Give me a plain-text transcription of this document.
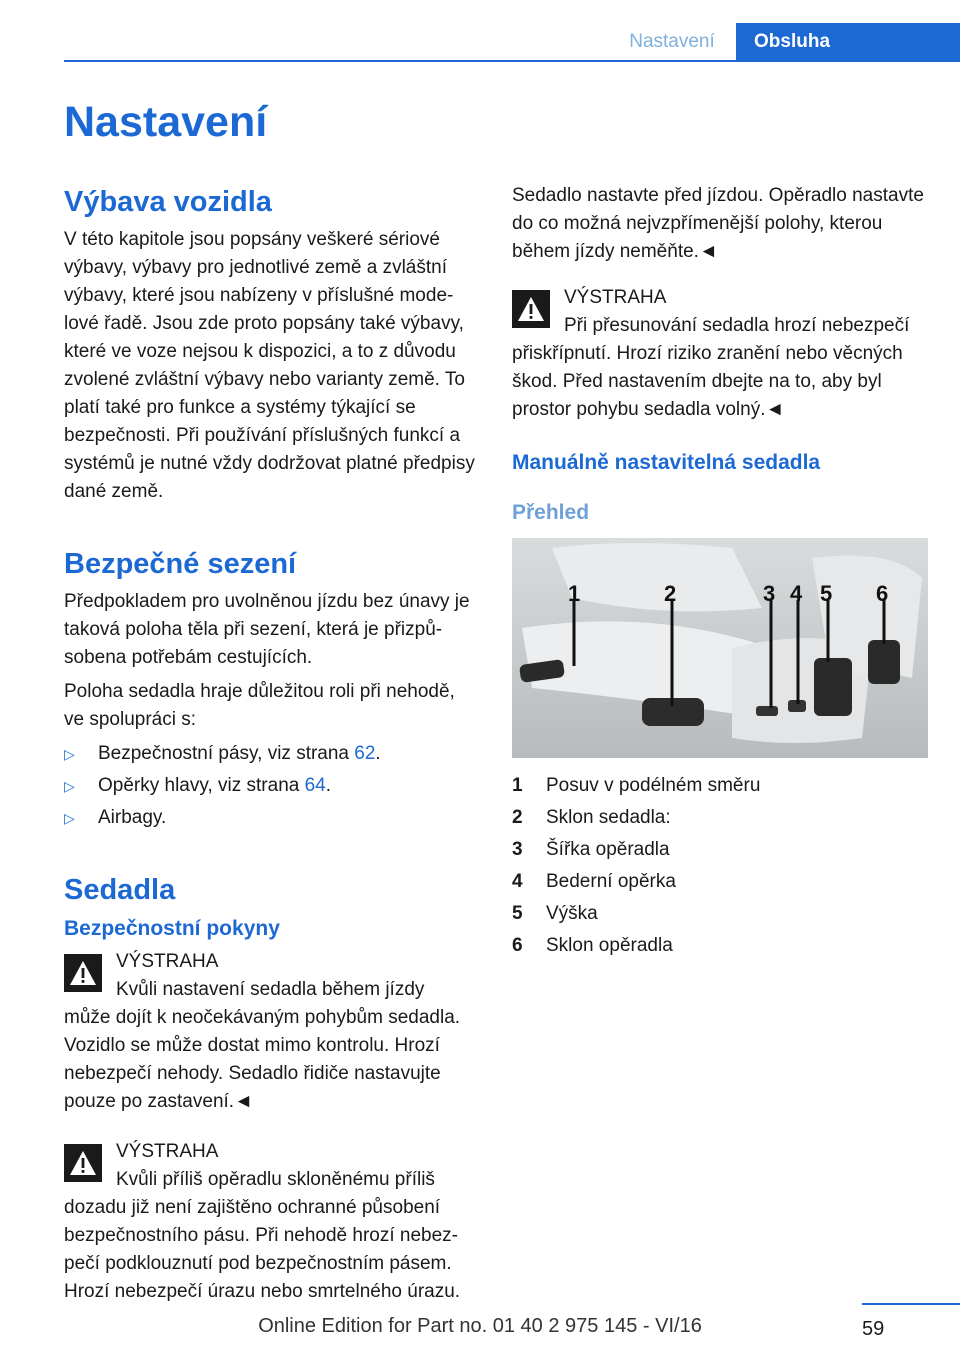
Nastavení	Obsluha
Nastavení
Výbava vozidla

V této kapitole jsou popsány veškeré sériové výbavy, výbavy pro jednotlivé země a zvláštní výbavy, které jsou nabízeny v příslušné modelové řadě. Jsou zde proto popsány také výbavy, které ve voze nejsou k dispozici, a to z důvodu zvolené zvláštní výbavy nebo varianty země. To platí také pro funkce a systémy týkající se bezpečnosti. Při používání příslušných funkcí a systémů je nutné vždy dodržovat platné předpisy dané země.

Bezpečné sezení

Předpokladem pro uvolněnou jízdu bez únavy je taková poloha těla při sezení, která je přizpůsobena potřebám cestujících.

Poloha sedadla hraje důležitou roli při nehodě, ve spolupráci s:

▷	Bezpečnostní pásy, viz strana 62.
▷	Opěrky hlavy, viz strana 64.
▷	Airbagy.
Sedadla
Bezpečnostní pokyny
VÝSTRAHA
Kvůli nastavení sedadla během jízdy
může dojít k neočekávaným pohybům sedadla. Vozidlo se může dostat mimo kontrolu. Hrozí nebezpečí nehody. Sedadlo řidiče nastavujte pouze po zastavení.◄
VÝSTRAHA
Kvůli příliš opěradlu skloněnému příliš
dozadu již není zajištěno ochranné působení bezpečnostního pásu. Při nehodě hrozí nebezpečí podklouznutí pod bezpečnostním pásem. Hrozí nebezpečí úrazu nebo smrtelného úrazu.

Sedadlo nastavte před jízdou. Opěradlo nastavte do co možná nejvzpřímenější polohy, kterou během jízdy neměňte.◄

VÝSTRAHA
Při přesunování sedadla hrozí nebezpečí
přiskřípnutí. Hrozí riziko zranění nebo věcných škod. Před nastavením dbejte na to, aby byl prostor pohybu sedadla volný.◄
Manuálně nastavitelná sedadla
Přehled
1	2	3 4 5 6
1	Posuv v podélném směru
2	Sklon sedadla:
3	Šířka opěradla
4	Bederní opěrka
5	Výška
6	Sklon opěradla
59
Online Edition for Part no. 01 40 2 975 145 - VI/16
